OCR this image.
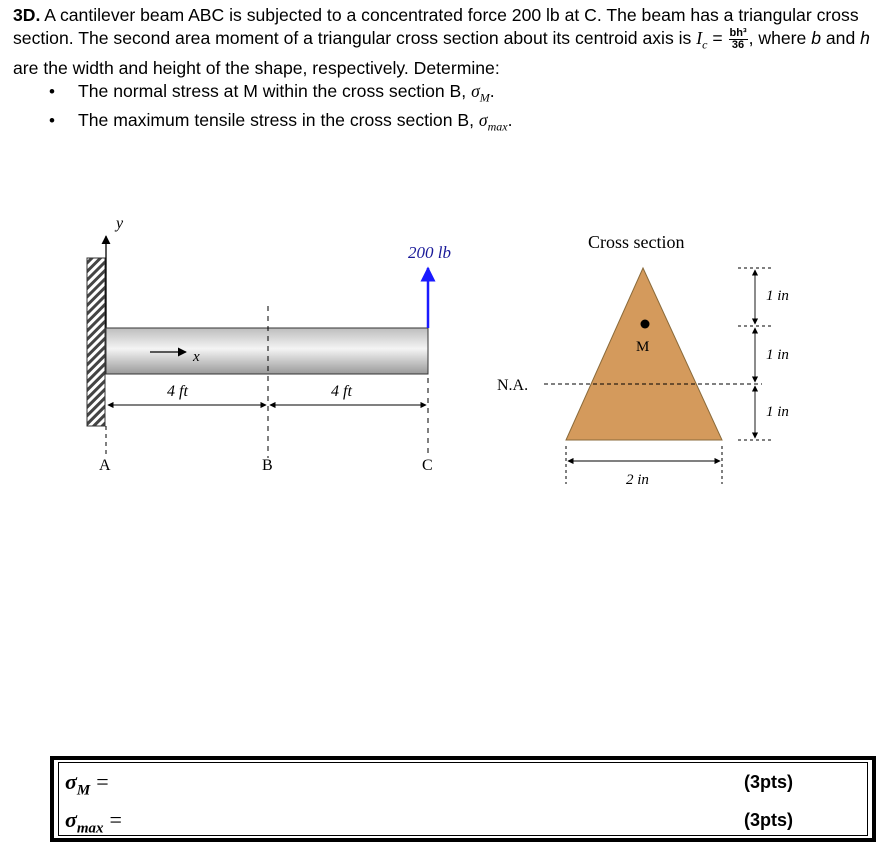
3D. A cantilever beam ABC is subjected to a concentrated force 200 lb at C. The beam has a triangular cross section. The second area moment of a triangular cross section about its centroid axis is $I_c = \frac{\text{bh³}}{36}$ , where b and h are the width and height of the shape, respectively. Determine:

• The normal stress at M within the cross section B, $\sigma_M$.
• The maximum tensile stress in the cross section B, $\sigma_{max}$.
y
x
200 lb
4 ft	4 ft
A	B	C
Cross section
M
N.A.
1 in
1 in
1 in
2 in
$\sigma_M$ =	(3pts)
$\sigma_{max}$ =	(3pts)
